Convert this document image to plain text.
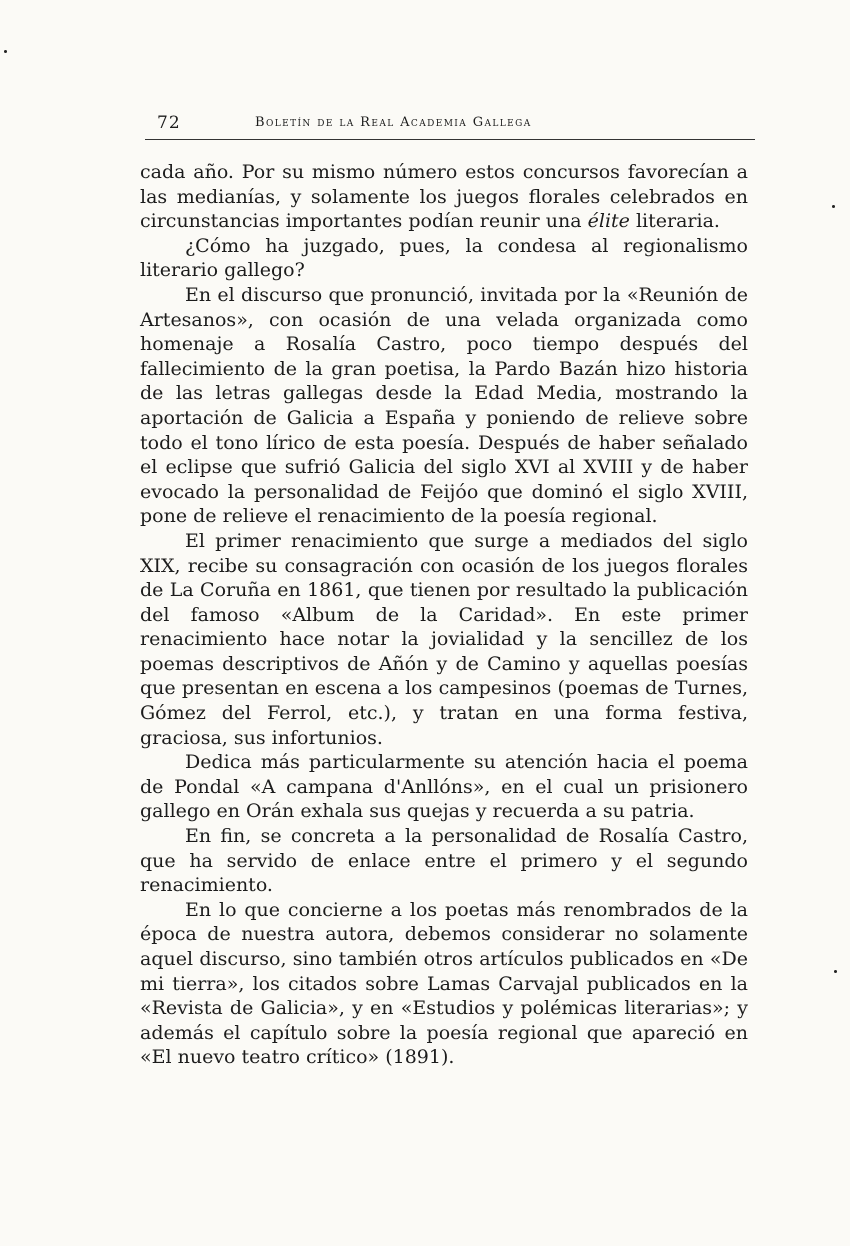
72	Boletín de la Real Academia Gallega

cada año. Por su mismo número estos concursos favorecían a las medianías, y solamente los juegos florales celebrados en circunstancias importantes podían reunir una élite literaria.

¿Cómo ha juzgado, pues, la condesa al regionalismo literario gallego?

En el discurso que pronunció, invitada por la «Reunión de Artesanos», con ocasión de una velada organizada como homenaje a Rosalía Castro, poco tiempo después del fallecimiento de la gran poetisa, la Pardo Bazán hizo historia de las letras gallegas desde la Edad Media, mostrando la aportación de Galicia a España y poniendo de relieve sobre todo el tono lírico de esta poesía. Después de haber señalado el eclipse que sufrió Galicia del siglo XVI al XVIII y de haber evocado la personalidad de Feijóo que dominó el siglo XVIII, pone de relieve el renacimiento de la poesía regional.

El primer renacimiento que surge a mediados del siglo XIX, recibe su consagración con ocasión de los juegos florales de La Coruña en 1861, que tienen por resultado la publicación del famoso «Album de la Caridad». En este primer renacimiento hace notar la jovialidad y la sencillez de los poemas descriptivos de Añón y de Camino y aquellas poesías que presentan en escena a los campesinos (poemas de Turnes, Gómez del Ferrol, etc.), y tratan en una forma festiva, graciosa, sus infortunios.

Dedica más particularmente su atención hacia el poema de Pondal «A campana d'Anllóns», en el cual un prisionero gallego en Orán exhala sus quejas y recuerda a su patria.

En fin, se concreta a la personalidad de Rosalía Castro, que ha servido de enlace entre el primero y el segundo renacimiento.

En lo que concierne a los poetas más renombrados de la época de nuestra autora, debemos considerar no solamente aquel discurso, sino también otros artículos publicados en «De mi tierra», los citados sobre Lamas Carvajal publicados en la «Revista de Galicia», y en «Estudios y polémicas literarias»; y además el capítulo sobre la poesía regional que apareció en «El nuevo teatro crítico» (1891).
